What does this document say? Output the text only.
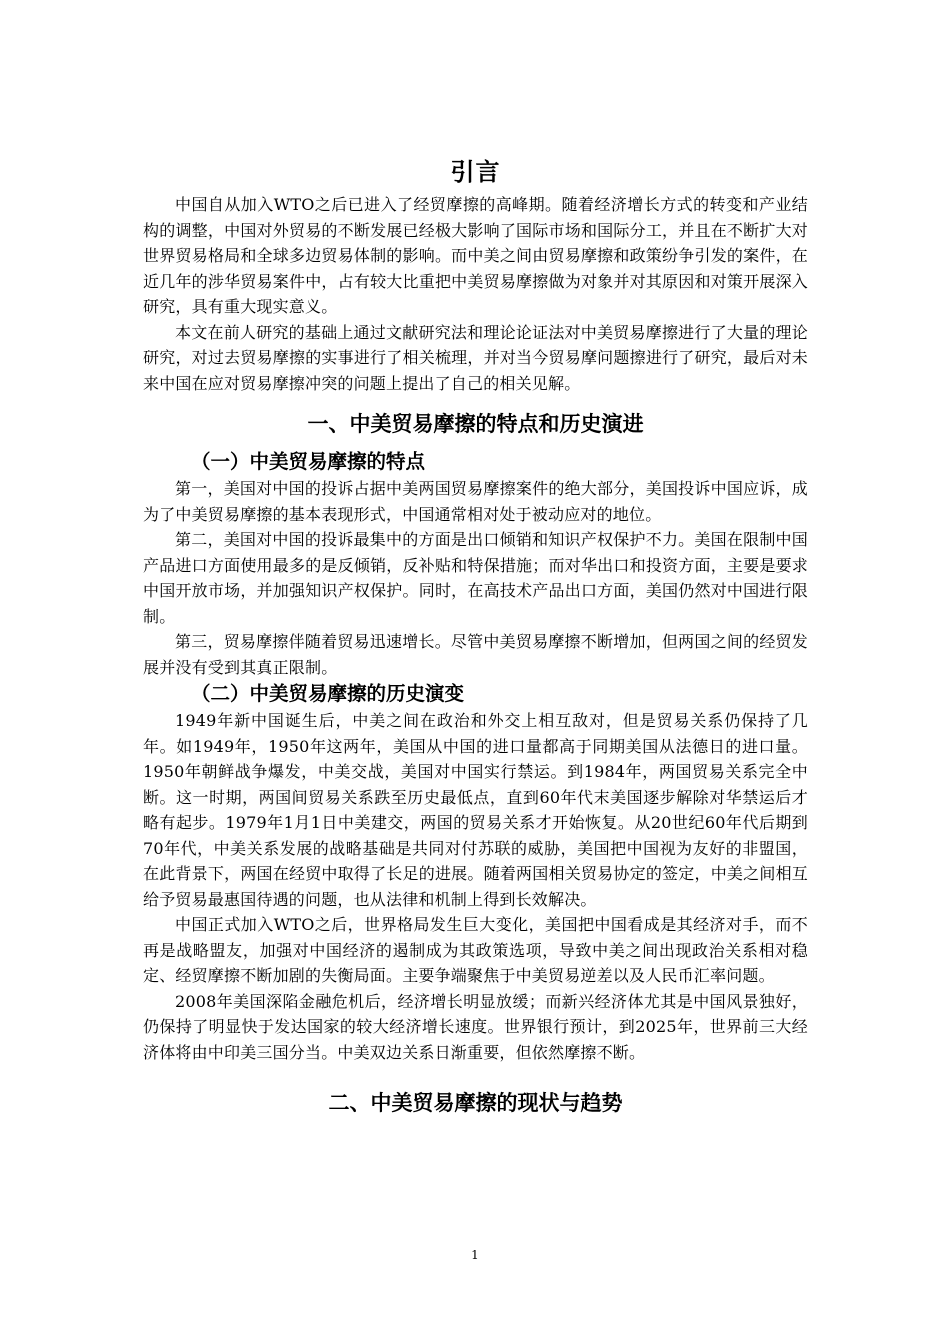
引言

中国自从加入WTO之后已进入了经贸摩擦的高峰期。随着经济增长方式的转变和产业结构的调整，中国对外贸易的不断发展已经极大影响了国际市场和国际分工，并且在不断扩大对世界贸易格局和全球多边贸易体制的影响。而中美之间由贸易摩擦和政策纷争引发的案件，在近几年的涉华贸易案件中，占有较大比重把中美贸易摩擦做为对象并对其原因和对策开展深入研究，具有重大现实意义。

本文在前人研究的基础上通过文献研究法和理论论证法对中美贸易摩擦进行了大量的理论研究，对过去贸易摩擦的实事进行了相关梳理，并对当今贸易摩问题擦进行了研究，最后对未来中国在应对贸易摩擦冲突的问题上提出了自己的相关见解。

一、中美贸易摩擦的特点和历史演进
（一）中美贸易摩擦的特点

第一，美国对中国的投诉占据中美两国贸易摩擦案件的绝大部分，美国投诉中国应诉，成为了中美贸易摩擦的基本表现形式，中国通常相对处于被动应对的地位。

第二，美国对中国的投诉最集中的方面是出口倾销和知识产权保护不力。美国在限制中国产品进口方面使用最多的是反倾销，反补贴和特保措施；而对华出口和投资方面，主要是要求中国开放市场，并加强知识产权保护。同时，在高技术产品出口方面，美国仍然对中国进行限制。

第三，贸易摩擦伴随着贸易迅速增长。尽管中美贸易摩擦不断增加，但两国之间的经贸发展并没有受到其真正限制。

（二）中美贸易摩擦的历史演变

1949年新中国诞生后，中美之间在政治和外交上相互敌对，但是贸易关系仍保持了几年。如1949年，1950年这两年，美国从中国的进口量都高于同期美国从法德日的进口量。1950年朝鲜战争爆发，中美交战，美国对中国实行禁运。到1984年，两国贸易关系完全中断。这一时期，两国间贸易关系跌至历史最低点，直到60年代末美国逐步解除对华禁运后才略有起步。1979年1月1日中美建交，两国的贸易关系才开始恢复。从20世纪60年代后期到70年代，中美关系发展的战略基础是共同对付苏联的威胁，美国把中国视为友好的非盟国，在此背景下，两国在经贸中取得了长足的进展。随着两国相关贸易协定的签定，中美之间相互给予贸易最惠国待遇的问题，也从法律和机制上得到长效解决。

中国正式加入WTO之后，世界格局发生巨大变化，美国把中国看成是其经济对手，而不再是战略盟友，加强对中国经济的遏制成为其政策选项，导致中美之间出现政治关系相对稳定、经贸摩擦不断加剧的失衡局面。主要争端聚焦于中美贸易逆差以及人民币汇率问题。

2008年美国深陷金融危机后，经济增长明显放缓；而新兴经济体尤其是中国风景独好，仍保持了明显快于发达国家的较大经济增长速度。世界银行预计，到2025年，世界前三大经济体将由中印美三国分当。中美双边关系日渐重要，但依然摩擦不断。

二、中美贸易摩擦的现状与趋势
1
